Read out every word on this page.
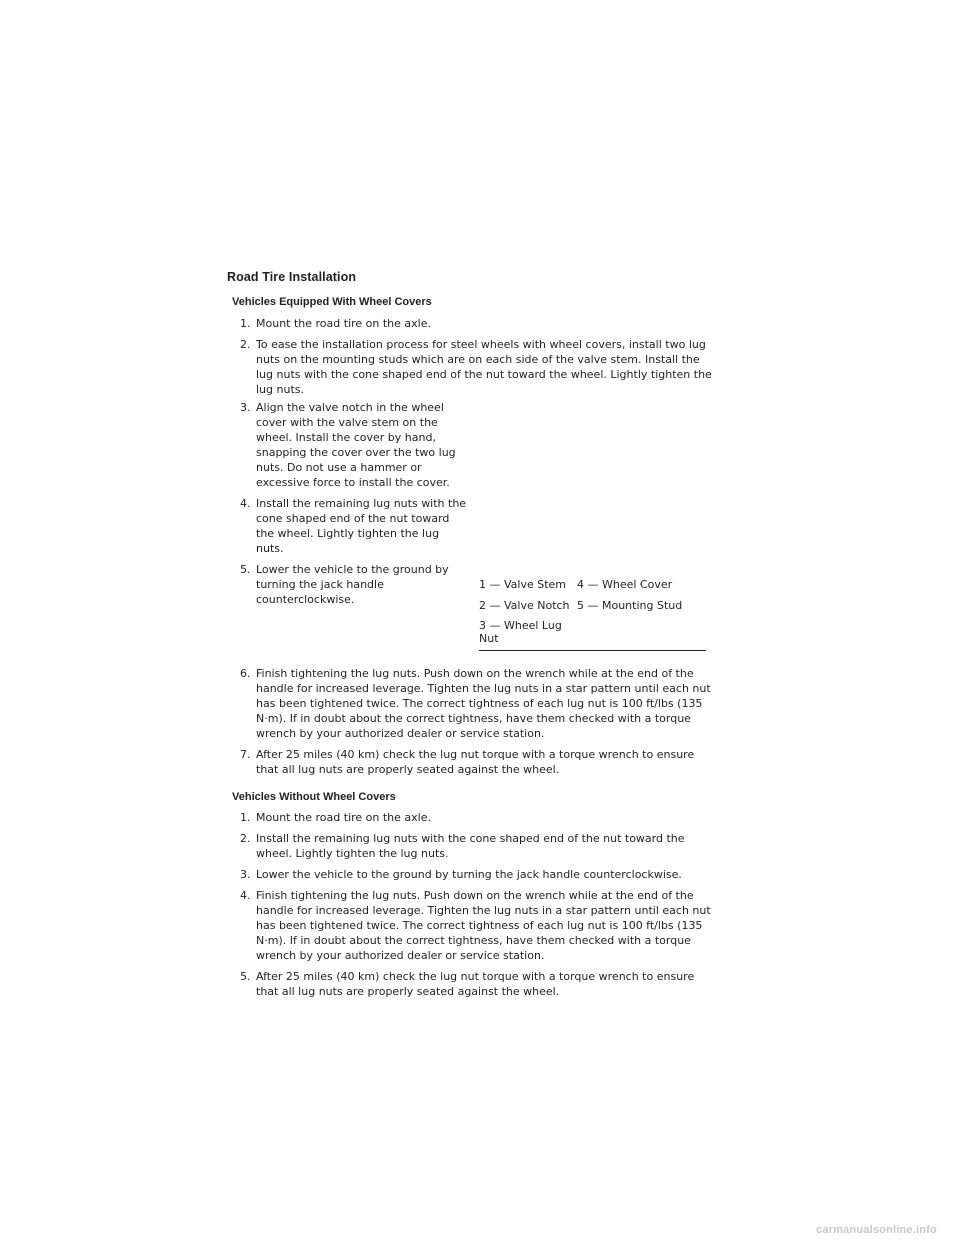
Road Tire Installation
Vehicles Equipped With Wheel Covers
1. Mount the road tire on the axle.
2. To ease the installation process for steel wheels with wheel covers, install two lug nuts on the mounting studs which are on each side of the valve stem. Install the lug nuts with the cone shaped end of the nut toward the wheel. Lightly tighten the lug nuts.
3. Align the valve notch in the wheel cover with the valve stem on the wheel. Install the cover by hand, snapping the cover over the two lug nuts. Do not use a hammer or excessive force to install the cover.
4. Install the remaining lug nuts with the cone shaped end of the nut toward the wheel. Lightly tighten the lug nuts.
5. Lower the vehicle to the ground by turning the jack handle counterclockwise.
1 — Valve Stem	4 — Wheel Cover
2 — Valve Notch	5 — Mounting Stud
3 — Wheel Lug Nut	
6. Finish tightening the lug nuts. Push down on the wrench while at the end of the handle for increased leverage. Tighten the lug nuts in a star pattern until each nut has been tightened twice. The correct tightness of each lug nut is 100 ft/lbs (135 N·m). If in doubt about the correct tightness, have them checked with a torque wrench by your authorized dealer or service station.
7. After 25 miles (40 km) check the lug nut torque with a torque wrench to ensure that all lug nuts are properly seated against the wheel.
Vehicles Without Wheel Covers
1. Mount the road tire on the axle.
2. Install the remaining lug nuts with the cone shaped end of the nut toward the wheel. Lightly tighten the lug nuts.
3. Lower the vehicle to the ground by turning the jack handle counterclockwise.
4. Finish tightening the lug nuts. Push down on the wrench while at the end of the handle for increased leverage. Tighten the lug nuts in a star pattern until each nut has been tightened twice. The correct tightness of each lug nut is 100 ft/lbs (135 N·m). If in doubt about the correct tightness, have them checked with a torque wrench by your authorized dealer or service station.
5. After 25 miles (40 km) check the lug nut torque with a torque wrench to ensure that all lug nuts are properly seated against the wheel.
carmanualsonline.info
